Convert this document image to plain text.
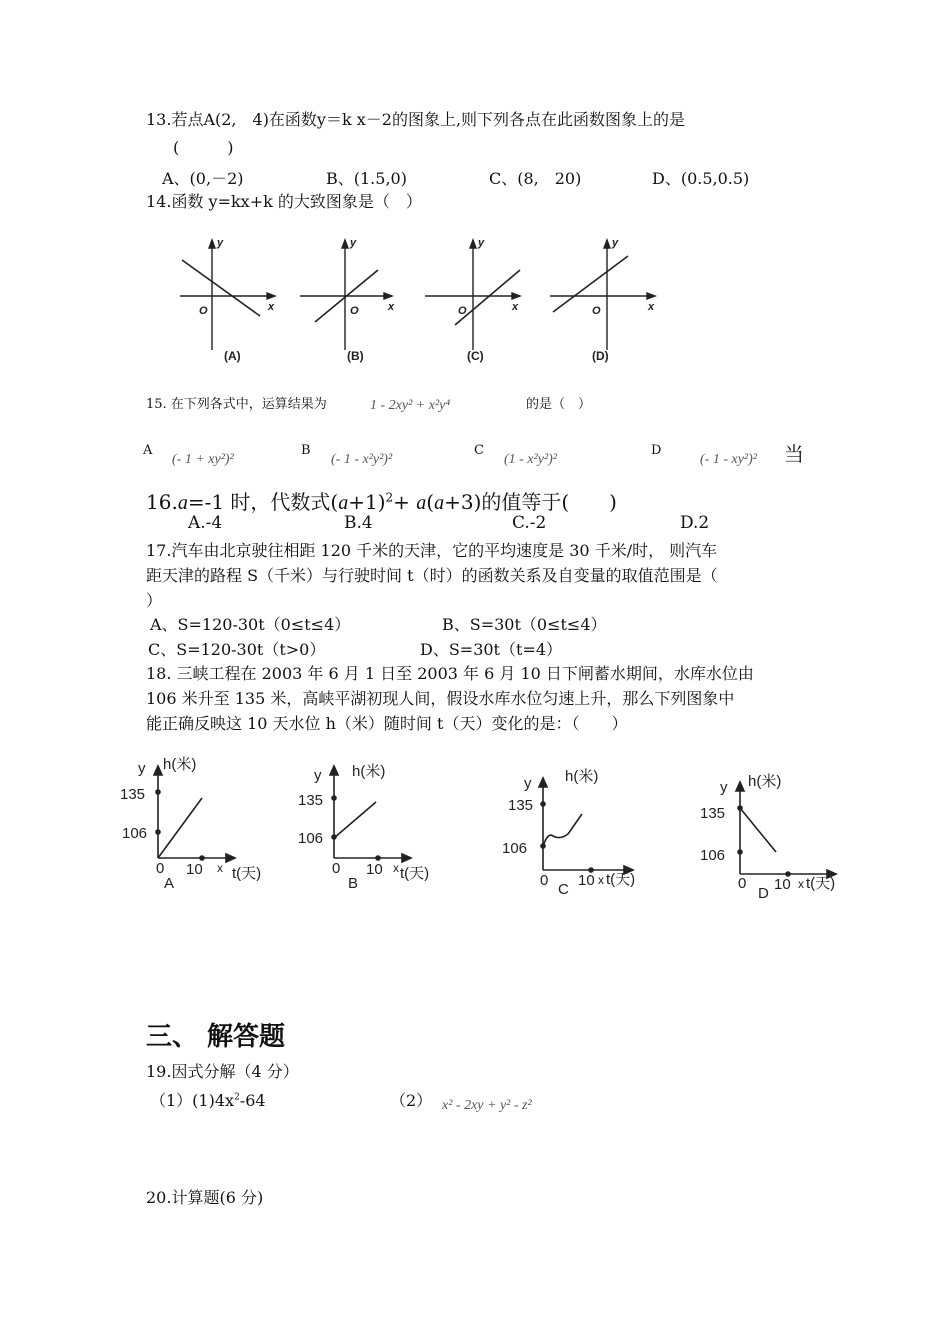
13.若点A(2,　4)在函数y＝k x－2的图象上,则下列各点在此函数图象上的是
(　　　)
A、(0,－2)	B、(1.5,0)	C、(8,　20)	D、(0.5,0.5)
14.函数 y=kx+k 的大致图象是（　）
y
x
O
y
x
O
y
x
O
y
x
O
(A)	(B)	(C)	(D)
15. 在下列各式中，运算结果为	1 - 2xy² + x²y⁴	的是（　）
A
(- 1 + xy²)²
B
(- 1 - x²y²)²
C
(1 - x²y²)²
D
(- 1 - xy²)² 当
16.a=-1 时，代数式$(a+1)^2+ a(a+3)$的值等于(　　)
A.-4	B.4	C.-2	D.2
17.汽车由北京驶往相距 120 千米的天津，它的平均速度是 30 千米/时， 则汽车
距天津的路程 S（千米）与行驶时间 t（时）的函数关系及自变量的取值范围是（
）
A、S=120-30t（0≤t≤4）	B、S=30t（0≤t≤4）
C、S=120-30t（t>0）	D、S=30t（t=4）
18. 三峡工程在 2003 年 6 月 1 日至 2003 年 6 月 10 日下闸蓄水期间，水库水位由
106 米升至 135 米，高峡平湖初现人间，假设水库水位匀速上升，那么下列图象中
能正确反映这 10 天水位 h（米）随时间 t（天）变化的是：（　　）
y h(米)
135
106
0 10 x t(天)
A
y h(米)
135
106
0 10 x t(天)
B
y h(米)
135
106
0 10 x t(天)
C
y h(米)
135
106
0 10 x t(天)
D
三、 解答题
19.因式分解（4 分）
$(1)(1)4x^2-64$	（2） x² - 2xy + y² - z²
20.计算题(6 分)
